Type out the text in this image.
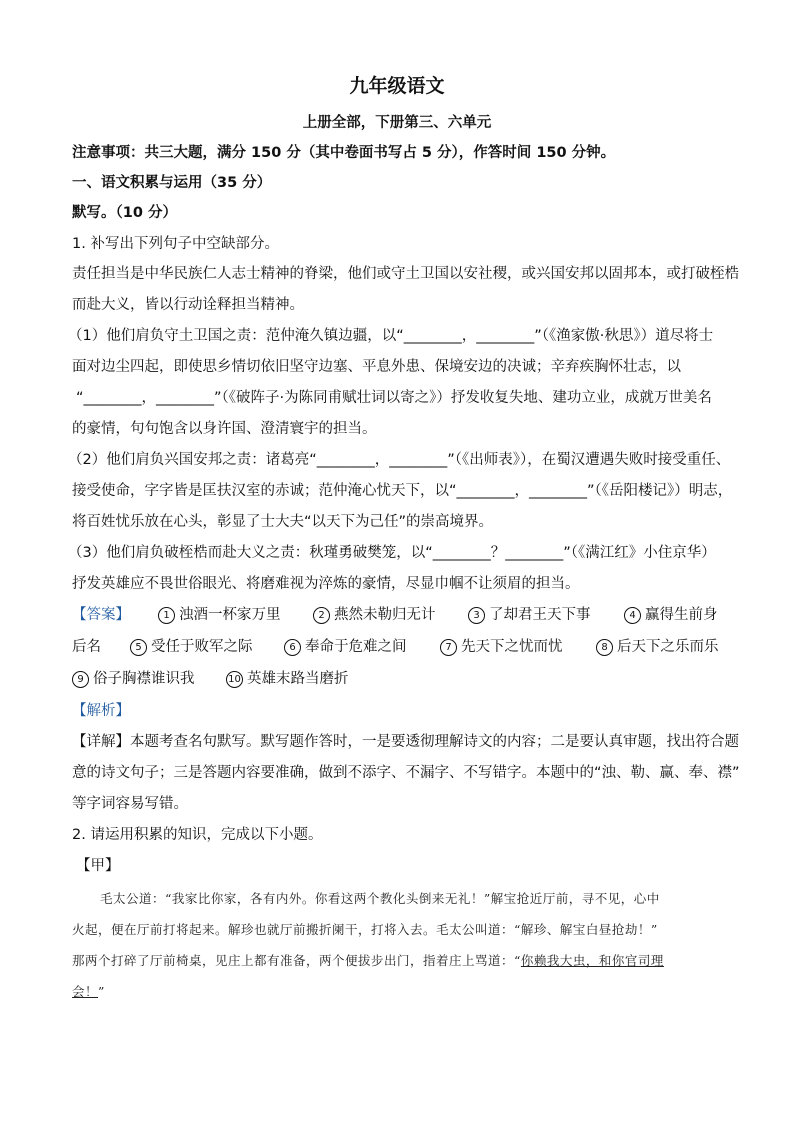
九年级语文
上册全部，下册第三、六单元
注意事项：共三大题，满分 150 分（其中卷面书写占 5 分），作答时间 150 分钟。
一、语文积累与运用（35 分）
默写。（10 分）
1. 补写出下列句子中空缺部分。
责任担当是中华民族仁人志士精神的脊梁，他们或守土卫国以安社稷，或兴国安邦以固邦本，或打破桎梏
而赴大义，皆以行动诠释担当精神。
（1）他们肩负守土卫国之责：范仲淹久镇边疆，以“________，________”（《渔家傲·秋思》）道尽将士
面对边尘四起，即使思乡情切依旧坚守边塞、平息外患、保境安边的决诚；辛弃疾胸怀壮志，以
“________，________”（《破阵子·为陈同甫赋壮词以寄之》）抒发收复失地、建功立业，成就万世美名
的豪情，句句饱含以身许国、澄清寰宇的担当。
（2）他们肩负兴国安邦之责：诸葛亮“________，________”（《出师表》），在蜀汉遭遇失败时接受重任、
接受使命，字字皆是匡扶汉室的赤诚；范仲淹心忧天下，以“________，________”（《岳阳楼记》）明志，
将百姓忧乐放在心头，彰显了士大夫“以天下为己任”的崇高境界。
（3）他们肩负破桎梏而赴大义之责：秋瑾勇破樊笼，以“________？________”（《满江红》小住京华）
抒发英雄应不畏世俗眼光、将磨难视为淬炼的豪情，尽显巾帼不让须眉的担当。
【答案】	1 浊酒一杯家万里	2 燕然未勒归无计	3 了却君王天下事	4 赢得生前身
后名	5 受任于败军之际	6 奉命于危难之间	7 先天下之忧而忧	8 后天下之乐而乐
9 俗子胸襟谁识我	10 英雄末路当磨折
【解析】
【详解】本题考查名句默写。默写题作答时，一是要透彻理解诗文的内容；二是要认真审题，找出符合题
意的诗文句子；三是答题内容要准确，做到不添字、不漏字、不写错字。本题中的“浊、勒、赢、奉、襟”
等字词容易写错。
2. 请运用积累的知识，完成以下小题。
【甲】
毛太公道：“我家比你家，各有内外。你看这两个教化头倒来无礼！”解宝抢近厅前，寻不见，心中
火起，便在厅前打将起来。解珍也就厅前搬折阑干，打将入去。毛太公叫道：“解珍、解宝白昼抢劫！”
那两个打碎了厅前椅桌，见庄上都有准备，两个便拔步出门，指着庄上骂道：“你赖我大虫，和你官司理
会！”
